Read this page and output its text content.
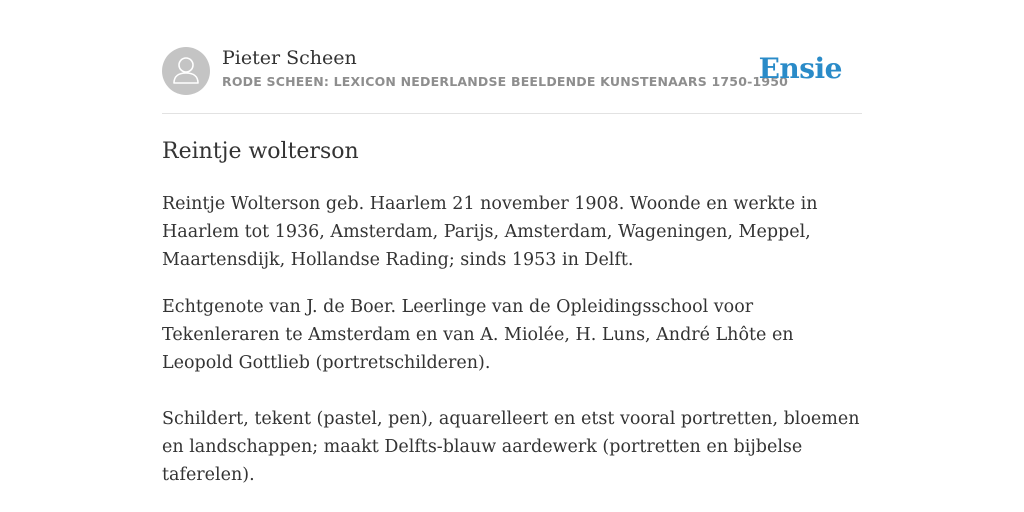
Pieter Scheen
RODE SCHEEN: LEXICON NEDERLANDSE BEELDENDE KUNSTENAARS 1750-1950
Ensie
Reintje wolterson

Reintje Wolterson geb. Haarlem 21 november 1908. Woonde en werkte in Haarlem tot 1936, Amsterdam, Parijs, Amsterdam, Wageningen, Meppel, Maartensdijk, Hollandse Rading; sinds 1953 in Delft.

Echtgenote van J. de Boer. Leerlinge van de Opleidingsschool voor Tekenleraren te Amsterdam en van A. Miolée, H. Luns, André Lhôte en Leopold Gottlieb (portretschilderen).

Schildert, tekent (pastel, pen), aquarelleert en etst vooral portretten, bloemen en landschappen; maakt Delfts-blauw aardewerk (portretten en bijbelse taferelen).
